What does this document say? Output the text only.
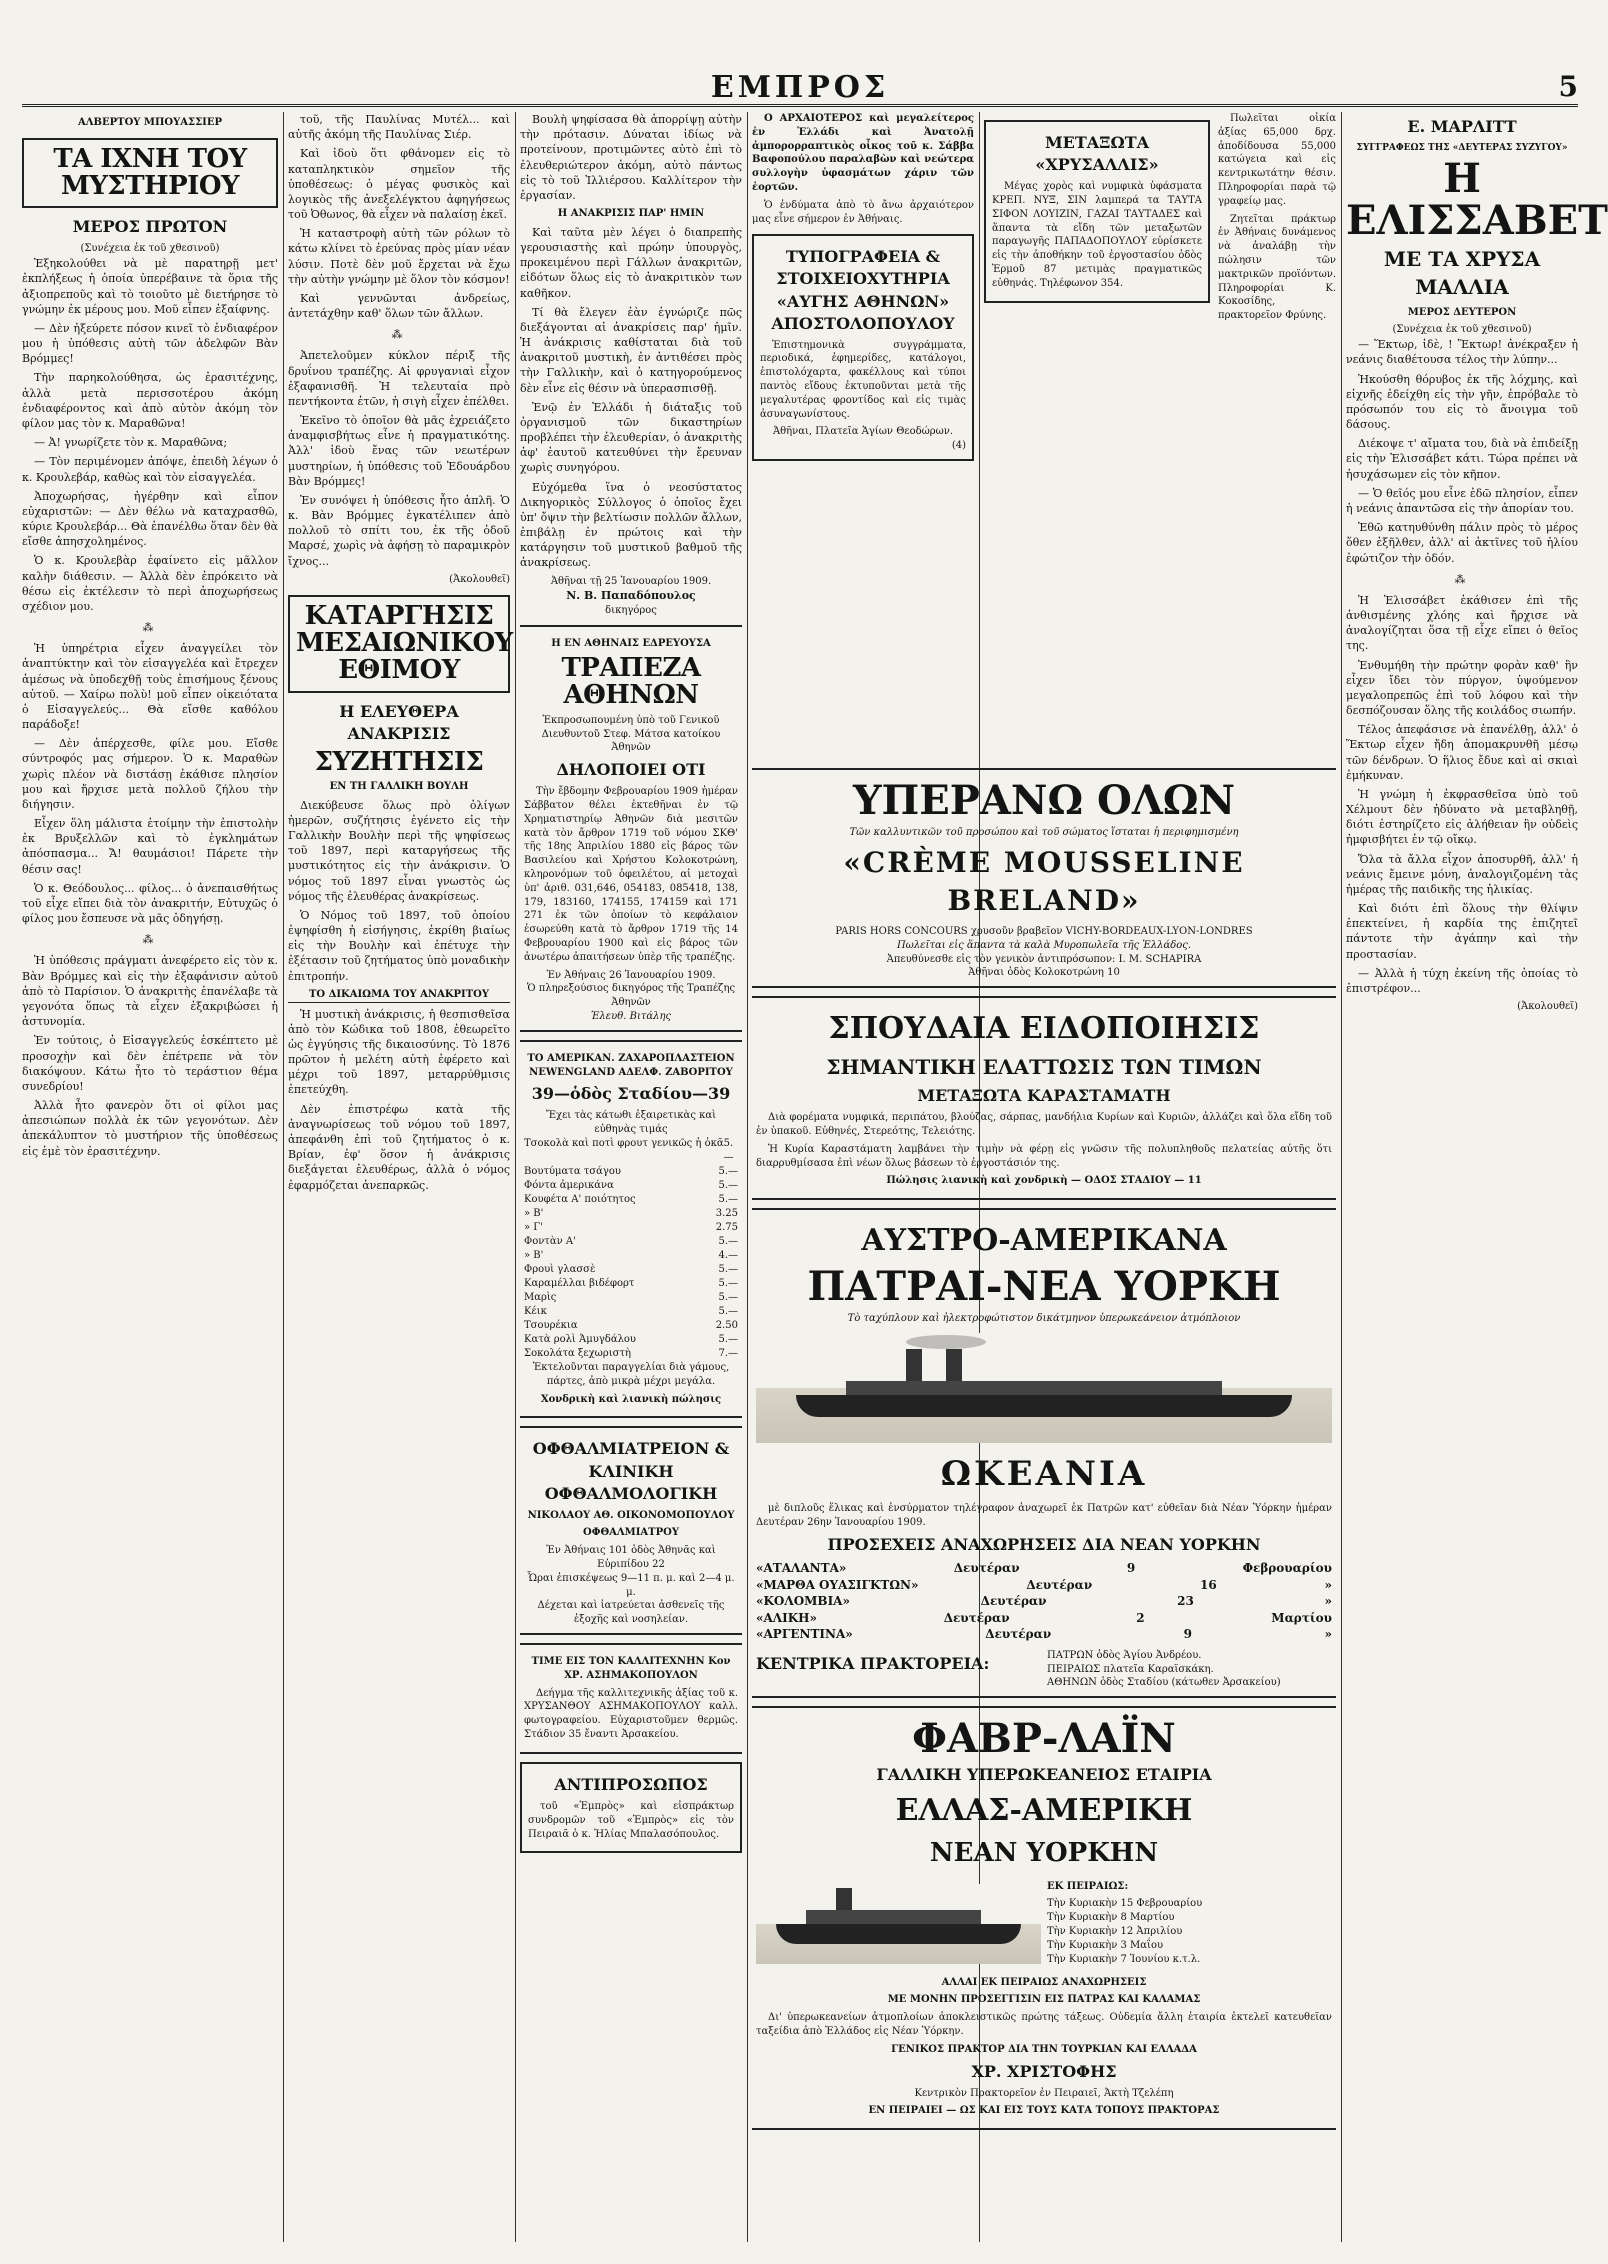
ΕΜΠΡΟΣ	5
ΑΛΒΕΡΤΟΥ ΜΠΟΥΑΣΣΙΕΡ
ΤΑ ΙΧΝΗ ΤΟΥ ΜΥΣΤΗΡΙΟΥ
ΜΕΡΟΣ ΠΡΩΤΟΝ
(Συνέχεια ἐκ τοῦ χθεσινοῦ)

Ἐξηκολούθει νὰ μὲ παρατηρῇ μετ' ἐκπλήξεως ἡ ὁποία ὑπερέβαινε τὰ ὅρια τῆς ἀξιοπρεποῦς καὶ τὸ τοιοῦτο μὲ διετήρησε τὸ γνώμην ἐκ μέρους μου. Μοῦ εἶπεν ἐξαίφνης.

— Δὲν ἠξεύρετε πόσον κινεῖ τὸ ἐνδιαφέρον μου ἡ ὑπόθεσις αὐτὴ τῶν ἀδελφῶν Βὰν Βρόμμες!

Τὴν παρηκολούθησα, ὡς ἐρασιτέχνης, ἀλλὰ μετὰ περισσοτέρου ἀκόμη ἐνδιαφέροντος καὶ ἀπὸ αὐτὸν ἀκόμη τὸν φίλον μας τὸν κ. Μαραθῶνα!

— Ἀ! γνωρίζετε τὸν κ. Μαραθῶνα;

— Τὸν περιμένομεν ἀπόψε, ἐπειδὴ λέγων ὁ κ. Κρουλεβάρ, καθὼς καὶ τὸν εἰσαγγελέα.

Ἀποχωρήσας, ἠγέρθην καὶ εἶπον εὐχαριστῶν: — Δὲν θέλω νὰ καταχρασθῶ, κύριε Κρουλεβάρ... Θὰ ἐπανέλθω ὅταν δὲν θὰ εἴσθε ἀπησχολημένος.

Ὁ κ. Κρουλεβὰρ ἐφαίνετο εἰς μᾶλλον καλὴν διάθεσιν. — Ἀλλὰ δὲν ἐπρόκειτο νὰ θέσω εἰς ἐκτέλεσιν τὸ περὶ ἀποχωρήσεως σχέδιον μου.

⁂

Ἡ ὑπηρέτρια εἶχεν ἀναγγείλει τὸν ἀναπτύκτην καὶ τὸν εἰσαγγελέα καὶ ἔτρεχεν ἀμέσως νὰ ὑποδεχθῇ τοὺς ἐπισήμους ξένους αὐτοῦ. — Χαίρω πολὺ! μοῦ εἶπεν οἰκειότατα ὁ Εἰσαγγελεύς... Θὰ εἴσθε καθόλου παράδοξε!

— Δὲν ἀπέρχεσθε, φίλε μου. Εἴσθε σύντροφός μας σήμερον. Ὁ κ. Μαραθὼν χωρὶς πλέον νὰ διστάσῃ ἐκάθισε πλησίον μου καὶ ἤρχισε μετὰ πολλοῦ ζήλου τὴν διήγησιν.

Εἶχεν ὅλη μάλιστα ἑτοίμην τὴν ἐπιστολὴν ἐκ Βρυξελλῶν καὶ τὸ ἐγκλημάτων ἀπόσπασμα... Ἄ! θαυμάσιοι! Πάρετε τὴν θέσιν σας!

Ὁ κ. Θεόδουλος... φίλος... ὁ ἀνεπαισθήτως τοῦ εἶχε εἴπει διὰ τὸν ἀνακριτήν, Εὐτυχῶς ὁ φίλος μου ἔσπευσε νὰ μᾶς ὁδηγήσῃ.

⁂

Ἡ ὑπόθεσις πράγματι ἀνεφέρετο εἰς τὸν κ. Βὰν Βρόμμες καὶ εἰς τὴν ἐξαφάνισιν αὐτοῦ ἀπὸ τὸ Παρίσιον. Ὁ ἀνακριτὴς ἐπανέλαβε τὰ γεγονότα ὅπως τὰ εἶχεν ἐξακριβώσει ἡ ἀστυνομία.

Ἐν τούτοις, ὁ Εἰσαγγελεύς ἐσκέπτετο μὲ προσοχὴν καὶ δὲν ἐπέτρεπε νὰ τὸν διακόψουν. Κάτω ἦτο τὸ τεράστιον θέμα συνεδρίου!

Ἀλλὰ ἦτο φανερὸν ὅτι οἱ φίλοι μας ἀπεσιώπων πολλὰ ἐκ τῶν γεγονότων. Δὲν ἀπεκάλυπτον τὸ μυστήριον τῆς ὑποθέσεως εἰς ἐμὲ τὸν ἐρασιτέχνην.

τοῦ, τῆς Παυλίνας Μυτέλ... καὶ αὐτῆς ἀκόμη τῆς Παυλίνας Σιέρ.

Καὶ ἰδοὺ ὅτι φθάνομεν εἰς τὸ καταπληκτικὸν σημεῖον τῆς ὑποθέσεως: ὁ μέγας φυσικὸς καὶ λογικὸς τῆς ἀνεξελέγκτου ἀφηγήσεως τοῦ Ὀθωνος, θὰ εἶχεν νὰ παλαίσῃ ἐκεῖ.

Ἡ καταστροφὴ αὐτὴ τῶν ρόλων τὸ κάτω κλίνει τὸ ἐρεύνας πρὸς μίαν νέαν λύσιν. Ποτὲ δὲν μοῦ ἔρχεται νὰ ἔχω τὴν αὐτὴν γνώμην μὲ ὅλον τὸν κόσμον!

Καὶ γεννῶνται ἀνδρείως, ἀντετάχθην καθ' ὅλων τῶν ἄλλων.

⁂

Ἀπετελοῦμεν κύκλον πέριξ τῆς δρυΐνου τραπέζης. Αἱ φρυγανιαὶ εἶχον ἐξαφανισθῆ. Ἡ τελευταία πρὸ πεντήκοντα ἐτῶν, ἡ σιγὴ εἶχεν ἐπέλθει.

Ἐκεῖνο τὸ ὁποῖον θὰ μᾶς ἐχρειάζετο ἀναμφισβήτως εἶνε ἡ πραγματικότης. Ἀλλ' ἰδοὺ ἔνας τῶν νεωτέρων μυστηρίων, ἡ ὑπόθεσις τοῦ Ἐδουάρδου Βὰν Βρόμμες!

Ἐν συνόψει ἡ ὑπόθεσις ἦτο ἁπλῆ. Ὁ κ. Βὰν Βρόμμες ἐγκατέλιπεν ἀπὸ πολλοῦ τὸ σπίτι του, ἐκ τῆς ὁδοῦ Μαρσέ, χωρὶς νὰ ἀφήσῃ τὸ παραμικρὸν ἴχνος...

(Ἀκολουθεῖ)
ΚΑΤΑΡΓΗΣΙΣ ΜΕΣΑΙΩΝΙΚΟΥ ΕΘΙΜΟΥ
Η ΕΛΕΥΘΕΡΑ ΑΝΑΚΡΙΣΙΣ
ΣΥΖΗΤΗΣΙΣ
ΕΝ ΤΗ ΓΑΛΛΙΚΗ ΒΟΥΛΗ

Διεκύβευσε ὅλως πρὸ ὀλίγων ἡμερῶν, συζήτησις ἐγένετο εἰς τὴν Γαλλικὴν Βουλὴν περὶ τῆς ψηφίσεως τοῦ 1897, περὶ καταργήσεως τῆς μυστικότητος εἰς τὴν ἀνάκρισιν. Ὁ νόμος τοῦ 1897 εἶναι γνωστὸς ὡς νόμος τῆς ἐλευθέρας ἀνακρίσεως.

Ὁ Νόμος τοῦ 1897, τοῦ ὁποίου ἐψηφίσθη ἡ εἰσήγησις, ἐκρίθη βιαίως εἰς τὴν Βουλὴν καὶ ἐπέτυχε τὴν ἐξέτασιν τοῦ ζητήματος ὑπὸ μοναδικὴν ἐπιτροπήν.

ΤΟ ΔΙΚΑΙΩΜΑ ΤΟΥ ΑΝΑΚΡΙΤΟΥ

Ἡ μυστικὴ ἀνάκρισις, ἡ θεσπισθεῖσα ἀπὸ τὸν Κώδικα τοῦ 1808, ἐθεωρεῖτο ὡς ἐγγύησις τῆς δικαιοσύνης. Τὸ 1876 πρῶτον ἡ μελέτη αὐτὴ ἐφέρετο καὶ μέχρι τοῦ 1897, μεταρρύθμισις ἐπετεύχθη.

Δὲν ἐπιστρέφω κατὰ τῆς ἀναγνωρίσεως τοῦ νόμου τοῦ 1897, ἀπεφάνθη ἐπὶ τοῦ ζητήματος ὁ κ. Βρίαν, ἐφ' ὅσον ἡ ἀνάκρισις διεξάγεται ἐλευθέρως, ἀλλὰ ὁ νόμος ἐφαρμόζεται ἀνεπαρκῶς.

Βουλὴ ψηφίσασα θὰ ἀπορρίψῃ αὐτὴν τὴν πρότασιν. Δύναται ἰδίως νὰ προτείνουν, προτιμῶντες αὐτὸ ἐπὶ τὸ ἐλευθεριώτερον ἀκόμη, αὐτὸ πάντως εἰς τὸ τοῦ Ἰλλιέρσου. Καλλίτερον τὴν ἐργασίαν.

Η ΑΝΑΚΡΙΣΙΣ ΠΑΡ' ΗΜΙΝ

Καὶ ταῦτα μὲν λέγει ὁ διαπρεπὴς γερουσιαστὴς καὶ πρώην ὑπουργὸς, προκειμένου περὶ Γάλλων ἀνακριτῶν, εἰδότων ὅλως εἰς τὸ ἀνακριτικὸν των καθῆκον.

Τί θὰ ἔλεγεν ἐὰν ἐγνώριζε πῶς διεξάγονται αἱ ἀνακρίσεις παρ' ἡμῖν. Ἡ ἀνάκρισις καθίσταται διὰ τοῦ ἀνακριτοῦ μυστικὴ, ἐν ἀντιθέσει πρὸς τὴν Γαλλικὴν, καὶ ὁ κατηγορούμενος δὲν εἶνε εἰς θέσιν νὰ ὑπερασπισθῇ.

Ἐνῷ ἐν Ἑλλάδι ἡ διάταξις τοῦ ὀργανισμοῦ τῶν δικαστηρίων προβλέπει τὴν ἐλευθερίαν, ὁ ἀνακριτὴς ἀφ' ἑαυτοῦ κατευθύνει τὴν ἔρευναν χωρὶς συνηγόρου.

Εὐχόμεθα ἵνα ὁ νεοσύστατος Δικηγορικὸς Σύλλογος ὁ ὁποῖος ἔχει ὑπ' ὄψιν τὴν βελτίωσιν πολλῶν ἄλλων, ἐπιβάλῃ ἐν πρώτοις καὶ τὴν κατάργησιν τοῦ μυστικοῦ βαθμοῦ τῆς ἀνακρίσεως.

Ἀθῆναι τῇ 25 Ἰανουαρίου 1909.
Ν. Β. Παπαδόπουλος
δικηγόρος
Η ΕΝ ΑΘΗΝΑΙΣ ΕΔΡΕΥΟΥΣΑ
ΤΡΑΠΕΖΑ ΑΘΗΝΩΝ
Ἐκπροσωπουμένη ὑπὸ τοῦ Γενικοῦ Διευθυντοῦ Στεφ. Μάτσα κατοίκου Ἀθηνῶν
ΔΗΛΟΠΟΙΕΙ ΟΤΙ

Τὴν ἔβδομην Φεβρουαρίου 1909 ἡμέραν Σάββατον θέλει ἐκτεθῆναι ἐν τῷ Χρηματιστηρίῳ Ἀθηνῶν διὰ μεσιτῶν κατὰ τὸν ἄρθρον 1719 τοῦ νόμου ΣΚΘ' τῆς 18ης Ἀπριλίου 1880 εἰς βάρος τῶν Βασιλείου καὶ Χρήστου Κολοκοτρώνη, κληρονόμων τοῦ ὀφειλέτου, αἱ μετοχαὶ ὑπ' ἀριθ. 031,646, 054183, 085418, 138, 179, 183160, 174155, 174159 καὶ 171 271 ἐκ τῶν ὁποίων τὸ κεφάλαιον ἐσωρεύθη κατὰ τὸ ἄρθρον 1719 τῆς 14 Φεβρουαρίου 1900 καὶ εἰς βάρος τῶν ἀνωτέρω ἀπαιτήσεων ὑπὲρ τῆς τραπέζης.

Ἐν Ἀθήναις 26 Ἰανουαρίου 1909.
Ὁ πληρεξούσιος δικηγόρος τῆς Τραπέζης Ἀθηνῶν
Ἐλευθ. Βιτάλης
ΤΟ ΑΜΕΡΙΚΑΝ. ΖΑΧΑΡΟΠΛΑΣΤΕΙΟΝ NEWENGLAND ΑΔΕΛΦ. ΖΑΒΟΡΙΤΟΥ
39—ὁδὸς Σταδίου—39
Ἔχει τὰς κάτωθι ἐξαιρετικὰς καὶ εὐθηνὰς τιμάς
Τσοκολὰ καὶ ποτὶ φρουτ γενικῶς ἡ ὀκᾶ 5.—
Βουτύματα τσάγου	5.—
Φόντα ἀμερικάνα	5.—
Κουφέτα Α' ποιότητος	5.—
» Β'	3.25
» Γ'	2.75
Φοντὰν Α'	5.—
» Β'	4.—
Φρουὶ γλασσὲ	5.—
Καραμέλλαι βιδέφορτ	5.—
Μαρὶς	5.—
Κέικ	5.—
Τσουρέκια	2.50
Κατὰ ρολὶ Ἀμυγδάλου	5.—
Σοκολάτα ξεχωριστὴ	7.—
Ἐκτελοῦνται παραγγελίαι διὰ γάμους, πάρτες, ἀπὸ μικρὰ μέχρι μεγάλα.
Χονδρικὴ καὶ λιανικὴ πώλησις
ΟΦΘΑΛΜΙΑΤΡΕΙΟΝ & ΚΛΙΝΙΚΗ ΟΦΘΑΛΜΟΛΟΓΙΚΗ
ΝΙΚΟΛΑΟΥ ΑΘ. ΟΙΚΟΝΟΜΟΠΟΥΛΟΥ
ΟΦΘΑΛΜΙΑΤΡΟΥ
Ἐν Ἀθήναις 101 ὁδὸς Ἀθηνᾶς καὶ Εὐριπίδου 22
Ὧραι ἐπισκέψεως 9—11 π. μ. καὶ 2—4 μ. μ.
Δέχεται καὶ ἰατρεύεται ἀσθενεῖς τῆς ἐξοχῆς καὶ νοσηλείαν.
ΤΙΜΕ ΕΙΣ ΤΟΝ ΚΑΛΛΙΤΕΧΝΗΝ Κον ΧΡ. ΑΣΗΜΑΚΟΠΟΥΛΟΝ

Δεήγμα τῆς καλλιτεχνικῆς ἀξίας τοῦ κ. ΧΡΥΣΑΝΘΟΥ ΑΣΗΜΑΚΟΠΟΥΛΟΥ καλλ. φωτογραφείου. Εὐχαριστοῦμεν θερμῶς. Στάδιον 35 ἔναντι Ἀρσακείου.

ΑΝΤΙΠΡΟΣΩΠΟΣ

τοῦ «Ἐμπρὸς» καὶ εἰσπράκτωρ συνδρομῶν τοῦ «Ἐμπρὸς» εἰς τὸν Πειραιᾶ ὁ κ. Ἠλίας Μπαλασόπουλος.

Ο ΑΡΧΑΙΟΤΕΡΟΣ καὶ μεγαλείτερος ἐν Ἑλλάδι καὶ Ἀνατολῇ ἀμπορορραπτικὸς οἶκος τοῦ κ. Σάββα Βαφοπούλου παραλαβὼν καὶ νεώτερα συλλογὴν ὑφασμάτων χάριν τῶν ἑορτῶν.

Ὁ ἐνδύματα ἀπὸ τὸ ἄνω ἀρχαιότερον μας εἶνε σήμερον ἐν Ἀθήναις.

ΤΥΠΟΓΡΑΦΕΙΑ & ΣΤΟΙΧΕΙΟΧΥΤΗΡΙΑ «ΑΥΓΗΣ ΑΘΗΝΩΝ» ΑΠΟΣΤΟΛΟΠΟΥΛΟΥ

Ἐπιστημονικὰ συγγράμματα, περιοδικά, ἐφημερίδες, κατάλογοι, ἐπιστολόχαρτα, φακέλλους καὶ τύποι παντὸς εἴδους ἐκτυποῦνται μετὰ τῆς μεγαλυτέρας φροντίδος καὶ εἰς τιμὰς ἀσυναγωνίστους.

Ἀθῆναι, Πλατεῖα Ἁγίων Θεοδώρων.
(4)
ΜΕΤΑΞΩΤΑ «ΧΡΥΣΑΛΛΙΣ»

Μέγας χορὸς καὶ νυμφικὰ ὑφάσματα ΚΡΕΠ. ΝΥΞ, ΣΙΝ λαμπερά τα ΤΑΥΤΑ ΣΙΦΟΝ ΛΟΥΙΖΙΝ, ΓΑΖΑΙ ΤΑΥΤΑΔΕΣ καὶ ἅπαντα τὰ εἴδη τῶν μεταξωτῶν παραγωγῆς ΠΑΠΑΔΟΠΟΥΛΟΥ εὑρίσκετε εἰς τὴν ἀποθήκην τοῦ ἐργοστασίου ὁδὸς Ἑρμοῦ 87 μετιμὰς πραγματικῶς εὐθηνάς. Τηλέφωνον 354.

Πωλεῖται οἰκία ἀξίας 65,000 δρχ. ἀποδίδουσα 55,000 κατώγεια καὶ εἰς κεντρικωτάτην θέσιν. Πληροφορίαι παρὰ τῷ γραφείῳ μας.

Ζητεῖται πράκτωρ ἐν Ἀθήναις δυνάμενος νὰ ἀναλάβῃ τὴν πώλησιν τῶν μακτρικῶν προϊόντων. Πληροφορίαι Κ. Κοκοσίδης, πρακτορεῖον Φρύνης.

ΥΠΕΡΑΝΩ ΟΛΩΝ
Τῶν καλλυντικῶν τοῦ προσώπου καὶ τοῦ σώματος ἵσταται ἡ περιφημισμένη
«CRÈME MOUSSELINE BRELAND»
PARIS HORS CONCOURS χρυσοῦν βραβεῖον VICHY-BORDEAUX-LYON-LONDRES
Πωλεῖται εἰς ἅπαντα τὰ καλὰ Μυροπωλεῖα τῆς Ἑλλάδος.
Ἀπευθύνεσθε εἰς τὸν γενικὸν ἀντιπρόσωπον: Ι. Μ. SCHAPIRA
Ἀθῆναι ὁδὸς Κολοκοτρώνη 10
ΣΠΟΥΔΑΙΑ ΕΙΔΟΠΟΙΗΣΙΣ
ΣΗΜΑΝΤΙΚΗ ΕΛΑΤΤΩΣΙΣ ΤΩΝ ΤΙΜΩΝ
ΜΕΤΑΞΩΤΑ ΚΑΡΑΣΤΑΜΑΤΗ

Διὰ φορέματα νυμφικά, περιπάτου, βλούζας, σάρπας, μανδήλια Κυρίων καὶ Κυριῶν, ἀλλάζει καὶ ὅλα εἴδη τοῦ ἐν ὑπακοῦ. Εὐθηνές, Στερεότης, Τελειότης.

Ἡ Κυρία Καραστάματη λαμβάνει τὴν τιμὴν νὰ φέρῃ εἰς γνῶσιν τῆς πολυπληθοῦς πελατείας αὐτῆς ὅτι διαρρυθμίσασα ἐπὶ νέων ὅλως βάσεων τὸ ἐργοστάσιόν της.

Πώλησις λιανικὴ καὶ χονδρικὴ — ΟΔΟΣ ΣΤΑΔΙΟΥ — 11
ΑΥΣΤΡΟ-ΑΜΕΡΙΚΑΝΑ
ΠΑΤΡΑΙ-ΝΕΑ ΥΟΡΚΗ
Τὸ ταχύπλουν καὶ ἠλεκτροφώτιστον δικάτμηνον ὑπερωκεάνειον ἀτμόπλοιον
ΩΚΕΑΝΙΑ

μὲ διπλοῦς ἕλικας καὶ ἐνσύρματον τηλέγραφον ἀναχωρεῖ ἐκ Πατρῶν κατ' εὐθεῖαν διὰ Νέαν Ὑόρκην ἡμέραν Δευτέραν 26ην Ἰανουαρίου 1909.

ΠΡΟΣΕΧΕΙΣ ΑΝΑΧΩΡΗΣΕΙΣ ΔΙΑ ΝΕΑΝ ΥΟΡΚΗΝ
«ΑΤΑΛΑΝΤΑ»	Δευτέραν	9	Φεβρουαρίου
«ΜΑΡΘΑ ΟΥΑΣΙΓΚΤΩΝ»	Δευτέραν	16	»
«ΚΟΛΟΜΒΙΑ»	Δευτέραν	23	»
«ΑΛΙΚΗ»	Δευτέραν	2	Μαρτίου
«ΑΡΓΕΝΤΙΝΑ»	Δευτέραν	9	»
ΚΕΝΤΡΙΚΑ ΠΡΑΚΤΟΡΕΙΑ:	ΠΑΤΡΩΝ ὁδὸς Ἁγίου Ἀνδρέου.
ΠΕΙΡΑΙΩΣ πλατεῖα Καραϊσκάκη.
ΑΘΗΝΩΝ ὁδὸς Σταδίου (κάτωθεν Ἀρσακείου)
ΦΑΒΡ-ΛΑΪΝ
ΓΑΛΛΙΚΗ ΥΠΕΡΩΚΕΑΝΕΙΟΣ ΕΤΑΙΡΙΑ
ΕΛΛΑΣ-ΑΜΕΡΙΚΗ
ΝΕΑΝ ΥΟΡΚΗΝ
ΕΚ ΠΕΙΡΑΙΩΣ:
Τὴν Κυριακὴν 15 Φεβρουαρίου
Τὴν Κυριακὴν 8 Μαρτίου
Τὴν Κυριακὴν 12 Ἀπριλίου
Τὴν Κυριακὴν 3 Μαΐου
Τὴν Κυριακὴν 7 Ἰουνίου κ.τ.λ.
ΑΛΛΑΙ ΕΚ ΠΕΙΡΑΙΩΣ ΑΝΑΧΩΡΗΣΕΙΣ
ΜΕ ΜΟΝΗΝ ΠΡΟΣΕΓΓΙΣΙΝ ΕΙΣ ΠΑΤΡΑΣ ΚΑΙ ΚΑΛΑΜΑΣ

Δι' ὑπερωκεανείων ἀτμοπλοίων ἀποκλειστικῶς πρώτης τάξεως. Οὐδεμία ἄλλη ἑταιρία ἐκτελεῖ κατευθεῖαν ταξείδια ἀπὸ Ἑλλάδος εἰς Νέαν Ὑόρκην.

ΓΕΝΙΚΟΣ ΠΡΑΚΤΟΡ ΔΙΑ ΤΗΝ ΤΟΥΡΚΙΑΝ ΚΑΙ ΕΛΛΑΔΑ
ΧΡ. ΧΡΙΣΤΟΦΗΣ
Κεντρικὸν Πρακτορεῖον ἐν Πειραιεῖ, Ἀκτὴ Τζελέπη
ΕΝ ΠΕΙΡΑΙΕΙ — ΩΣ ΚΑΙ ΕΙΣ ΤΟΥΣ ΚΑΤΑ ΤΟΠΟΥΣ ΠΡΑΚΤΟΡΑΣ
Ε. ΜΑΡΛΙΤΤ
ΣΥΓΓΡΑΦΕΩΣ ΤΗΣ «ΔΕΥΤΕΡΑΣ ΣΥΖΥΓΟΥ»
Η ΕΛΙΣΣΑΒΕΤ
ΜΕ ΤΑ ΧΡΥΣΑ ΜΑΛΛΙΑ
ΜΕΡΟΣ ΔΕΥΤΕΡΟΝ
(Συνέχεια ἐκ τοῦ χθεσινοῦ)

— Ἕκτωρ, ἰδὲ, ! Ἕκτωρ! ἀνέκραξεν ἡ νεάνις διαθέτουσα τέλος τὴν λύπην...

Ἠκούσθη θόρυβος ἐκ τῆς λόχμης, καὶ εἰχνῆς ἐδείχθη εἰς τὴν γῆν, ἐπρόβαλε τὸ πρόσωπόν του εἰς τὸ ἄνοιγμα τοῦ δάσους.

Διέκοψε τ' αἴματα του, διὰ νὰ ἐπιδείξῃ εἰς τὴν Ἐλισσάβετ κάτι. Τώρα πρέπει νὰ ἡσυχάσωμεν εἰς τὸν κῆπον.

— Ὁ θεῖός μου εἶνε ἐδῶ πλησίον, εἶπεν ἡ νεάνις ἀπαντῶσα εἰς τὴν ἀπορίαν του.

Ἐθῶ κατηυθύνθη πάλιν πρὸς τὸ μέρος ὅθεν ἐξῆλθεν, ἀλλ' αἱ ἀκτῖνες τοῦ ἡλίου ἐφώτιζον τὴν ὁδόν.

⁂

Ἡ Ἐλισσάβετ ἐκάθισεν ἐπὶ τῆς ἀνθισμένης χλόης καὶ ἤρχισε νὰ ἀναλογίζηται ὅσα τῇ εἶχε εἴπει ὁ θεῖος της.

Ἐνθυμήθη τὴν πρώτην φορὰν καθ' ἣν εἶχεν ἴδει τὸν πύργον, ὑψούμενον μεγαλοπρεπῶς ἐπὶ τοῦ λόφου καὶ τὴν δεσπόζουσαν ὅλης τῆς κοιλάδος σιωπήν.

Τέλος ἀπεφάσισε νὰ ἐπανέλθῃ, ἀλλ' ὁ Ἕκτωρ εἶχεν ἤδη ἀπομακρυνθῆ μέσῳ τῶν δένδρων. Ὁ ἥλιος ἔδυε καὶ αἱ σκιαὶ ἐμήκυναν.

Ἡ γνώμη ἡ ἐκφρασθεῖσα ὑπὸ τοῦ Χέλμουτ δὲν ἠδύνατο νὰ μεταβληθῇ, διότι ἐστηρίζετο εἰς ἀλήθειαν ἣν οὐδεὶς ἠμφισβήτει ἐν τῷ οἴκῳ.

Ὅλα τὰ ἄλλα εἶχον ἀποσυρθῆ, ἀλλ' ἡ νεάνις ἔμεινε μόνη, ἀναλογιζομένη τὰς ἡμέρας τῆς παιδικῆς της ἡλικίας.

Καὶ διότι ἐπὶ ὅλους τὴν θλίψιν ἐπεκτείνει, ἡ καρδία της ἐπιζητεῖ πάντοτε τὴν ἀγάπην καὶ τὴν προστασίαν.

— Ἀλλὰ ἡ τύχη ἐκείνη τῆς ὁποίας τὸ ἐπιστρέφον...

(Ἀκολουθεῖ)
